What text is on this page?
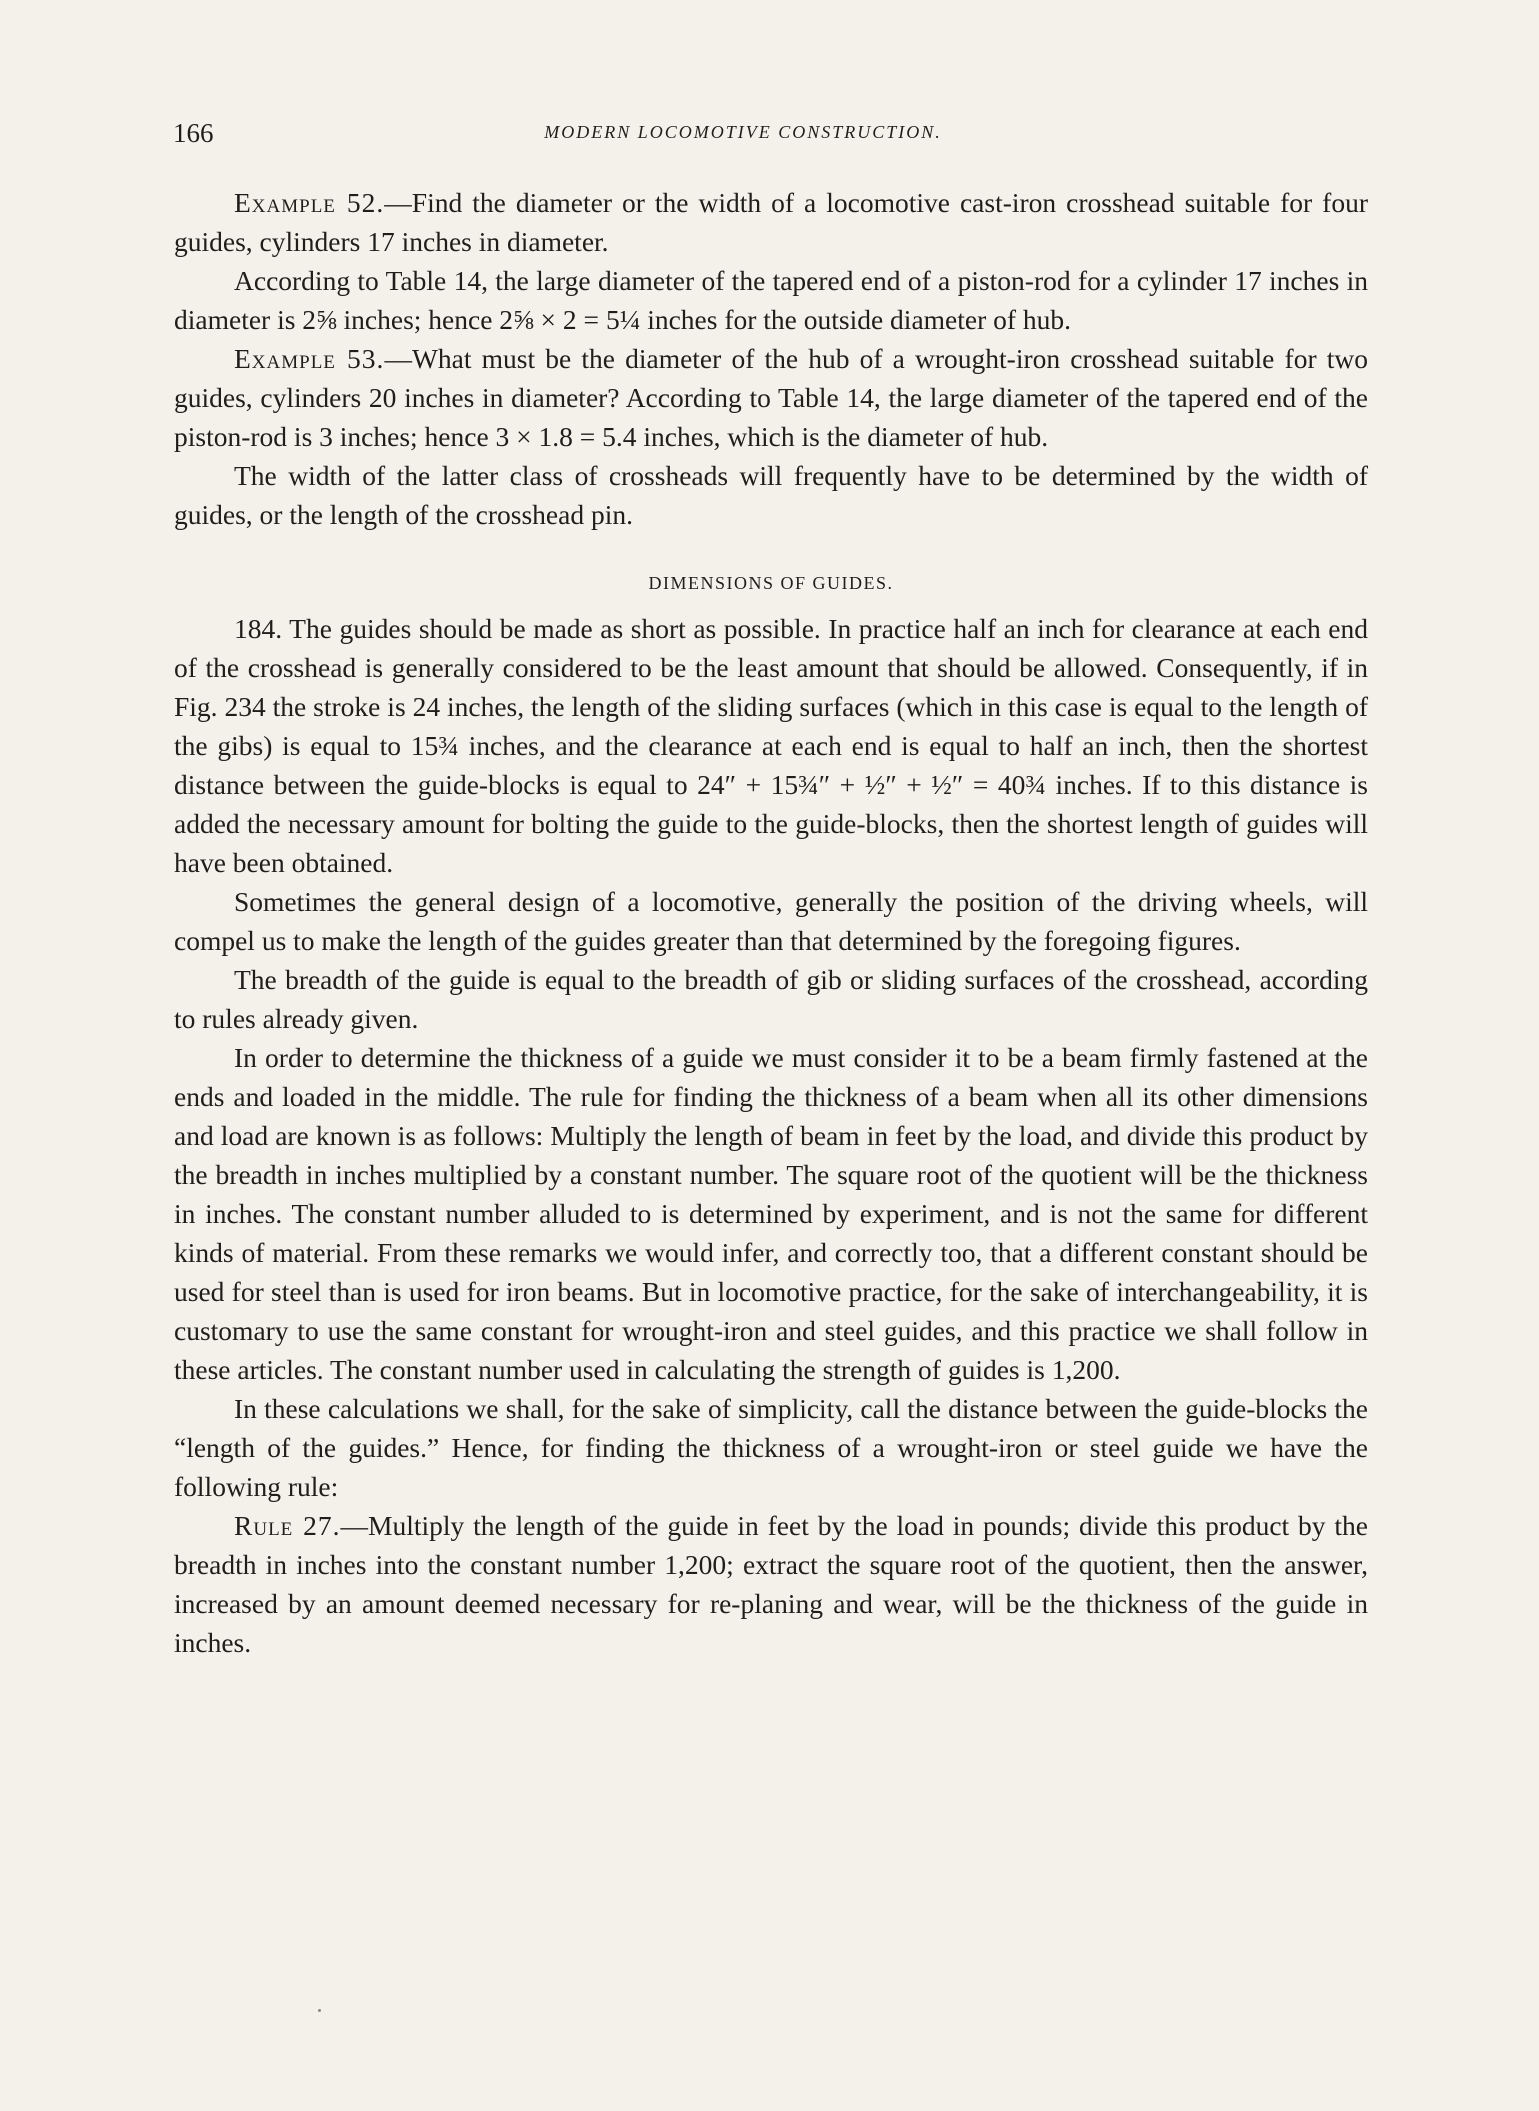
166	MODERN LOCOMOTIVE CONSTRUCTION.

Example 52.—Find the diameter or the width of a locomotive cast-iron crosshead suitable for four guides, cylinders 17 inches in diameter.

According to Table 14, the large diameter of the tapered end of a piston-rod for a cylinder 17 inches in diameter is 2⅝ inches; hence 2⅝ × 2 = 5¼ inches for the outside diameter of hub.

Example 53.—What must be the diameter of the hub of a wrought-iron crosshead suitable for two guides, cylinders 20 inches in diameter? According to Table 14, the large diameter of the tapered end of the piston-rod is 3 inches; hence 3 × 1.8 = 5.4 inches, which is the diameter of hub.

The width of the latter class of crossheads will frequently have to be determined by the width of guides, or the length of the crosshead pin.

DIMENSIONS OF GUIDES.

184. The guides should be made as short as possible. In practice half an inch for clearance at each end of the crosshead is generally considered to be the least amount that should be allowed. Consequently, if in Fig. 234 the stroke is 24 inches, the length of the sliding surfaces (which in this case is equal to the length of the gibs) is equal to 15¾ inches, and the clearance at each end is equal to half an inch, then the shortest distance between the guide-blocks is equal to 24″ + 15¾″ + ½″ + ½″ = 40¾ inches. If to this distance is added the necessary amount for bolting the guide to the guide-blocks, then the shortest length of guides will have been obtained.

Sometimes the general design of a locomotive, generally the position of the driving wheels, will compel us to make the length of the guides greater than that determined by the foregoing figures.

The breadth of the guide is equal to the breadth of gib or sliding surfaces of the crosshead, according to rules already given.

In order to determine the thickness of a guide we must consider it to be a beam firmly fastened at the ends and loaded in the middle. The rule for finding the thickness of a beam when all its other dimensions and load are known is as follows: Multiply the length of beam in feet by the load, and divide this product by the breadth in inches multiplied by a constant number. The square root of the quotient will be the thickness in inches. The constant number alluded to is determined by experiment, and is not the same for different kinds of material. From these remarks we would infer, and correctly too, that a different constant should be used for steel than is used for iron beams. But in locomotive practice, for the sake of interchangeability, it is customary to use the same constant for wrought-iron and steel guides, and this practice we shall follow in these articles. The constant number used in calculating the strength of guides is 1,200.

In these calculations we shall, for the sake of simplicity, call the distance between the guide-blocks the “length of the guides.” Hence, for finding the thickness of a wrought-iron or steel guide we have the following rule:

Rule 27.—Multiply the length of the guide in feet by the load in pounds; divide this product by the breadth in inches into the constant number 1,200; extract the square root of the quotient, then the answer, increased by an amount deemed necessary for re-planing and wear, will be the thickness of the guide in inches.
